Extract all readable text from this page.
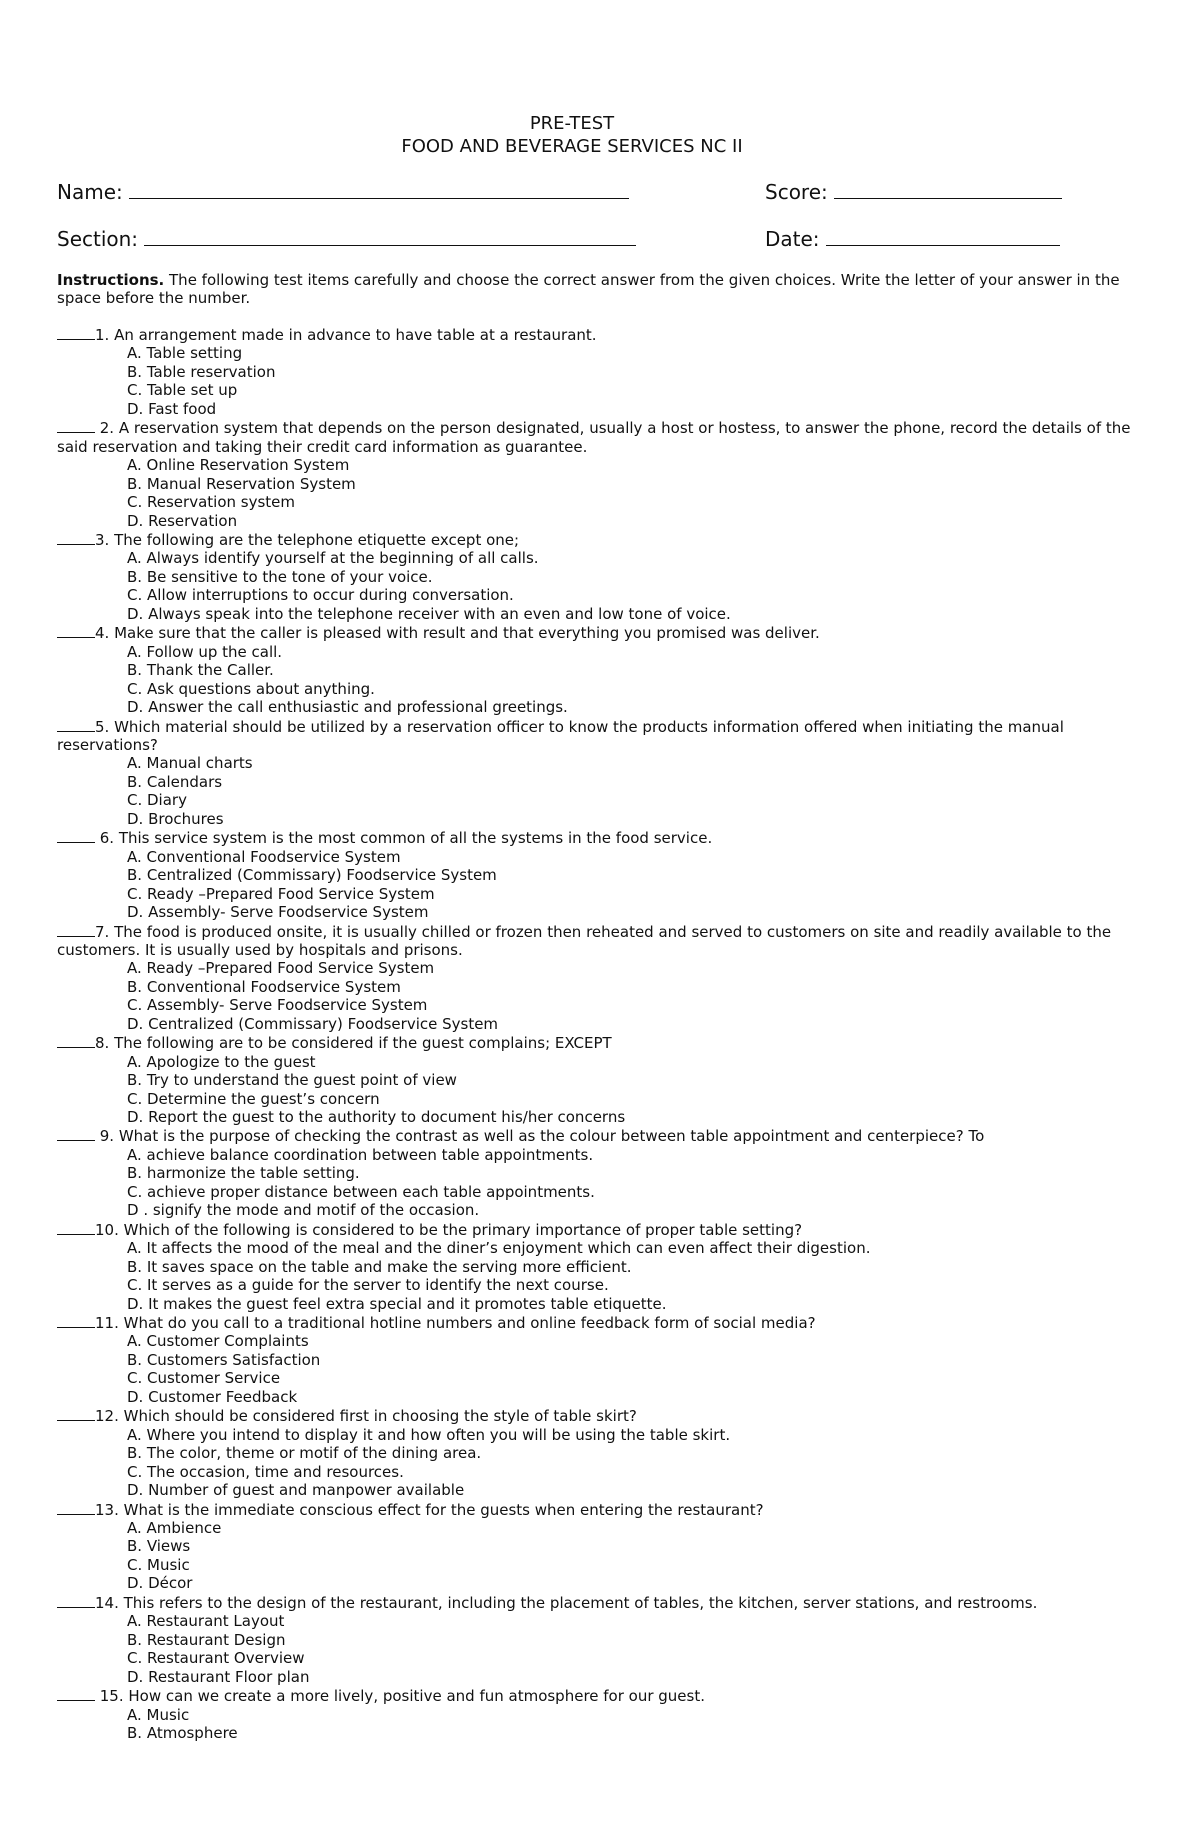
PRE-TEST
FOOD AND BEVERAGE SERVICES NC II
Name:	Score:
Section:	Date:
Instructions. The following test items carefully and choose the correct answer from the given choices. Write the letter of your answer in the space before the number.
1. An arrangement made in advance to have table at a restaurant.
A. Table setting
B. Table reservation
C. Table set up
D. Fast food
2. A reservation system that depends on the person designated, usually a host or hostess, to answer the phone, record the details of the said reservation and taking their credit card information as guarantee.
A. Online Reservation System
B. Manual Reservation System
C. Reservation system
D. Reservation
3. The following are the telephone etiquette except one;
A. Always identify yourself at the beginning of all calls.
B. Be sensitive to the tone of your voice.
C. Allow interruptions to occur during conversation.
D. Always speak into the telephone receiver with an even and low tone of voice.
4. Make sure that the caller is pleased with result and that everything you promised was deliver.
A. Follow up the call.
B. Thank the Caller.
C. Ask questions about anything.
D. Answer the call enthusiastic and professional greetings.
5. Which material should be utilized by a reservation officer to know the products information offered when initiating the manual reservations?
A. Manual charts
B. Calendars
C. Diary
D. Brochures
6. This service system is the most common of all the systems in the food service.
A. Conventional Foodservice System
B. Centralized (Commissary) Foodservice System
C. Ready –Prepared Food Service System
D. Assembly- Serve Foodservice System
7. The food is produced onsite, it is usually chilled or frozen then reheated and served to customers on site and readily available to the customers. It is usually used by hospitals and prisons.
A. Ready –Prepared Food Service System
B. Conventional Foodservice System
C. Assembly- Serve Foodservice System
D. Centralized (Commissary) Foodservice System
8. The following are to be considered if the guest complains; EXCEPT
A. Apologize to the guest
B. Try to understand the guest point of view
C. Determine the guest’s concern
D. Report the guest to the authority to document his/her concerns
9. What is the purpose of checking the contrast as well as the colour between table appointment and centerpiece? To
A. achieve balance coordination between table appointments.
B. harmonize the table setting.
C. achieve proper distance between each table appointments.
D . signify the mode and motif of the occasion.
10. Which of the following is considered to be the primary importance of proper table setting?
A. It affects the mood of the meal and the diner’s enjoyment which can even affect their digestion.
B. It saves space on the table and make the serving more efficient.
C. It serves as a guide for the server to identify the next course.
D. It makes the guest feel extra special and it promotes table etiquette.
11. What do you call to a traditional hotline numbers and online feedback form of social media?
A. Customer Complaints
B. Customers Satisfaction
C. Customer Service
D. Customer Feedback
12. Which should be considered first in choosing the style of table skirt?
A. Where you intend to display it and how often you will be using the table skirt.
B. The color, theme or motif of the dining area.
C. The occasion, time and resources.
D. Number of guest and manpower available
13. What is the immediate conscious effect for the guests when entering the restaurant?
A. Ambience
B. Views
C. Music
D. Décor
14. This refers to the design of the restaurant, including the placement of tables, the kitchen, server stations, and restrooms.
A. Restaurant Layout
B. Restaurant Design
C. Restaurant Overview
D. Restaurant Floor plan
15. How can we create a more lively, positive and fun atmosphere for our guest.
A. Music
B. Atmosphere
